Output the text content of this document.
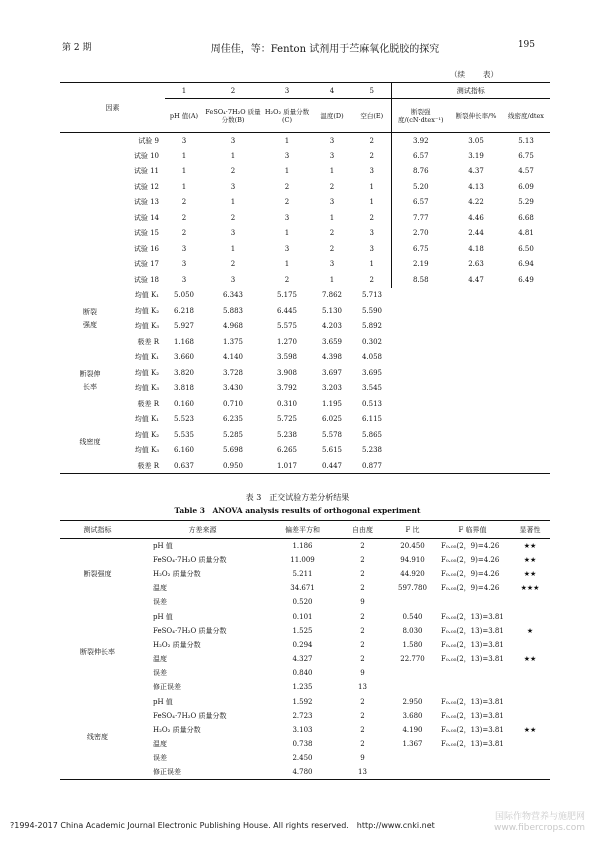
第 2 期	周佳佳，等：Fenton 试剂用于苎麻氧化脱胶的探究	195
（续 表）
因素		1	2	3	4	5	测试指标		
		pH 值(A)	FeSO₄·7H₂O 质量分数(B)	H₂O₂ 质量分数(C)	温度(D)	空白(E)	断裂强度/(cN·dtex⁻¹)	断裂伸长率/%	线密度/dtex
	试验 9	3	3	1	3	2	3.92	3.05	5.13
	试验 10	1	1	3	3	2	6.57	3.19	6.75
	试验 11	1	2	1	1	3	8.76	4.37	4.57
	试验 12	1	3	2	2	1	5.20	4.13	6.09
	试验 13	2	1	2	3	1	6.57	4.22	5.29
	试验 14	2	2	3	1	2	7.77	4.46	6.68
	试验 15	2	3	1	2	3	2.70	2.44	4.81
	试验 16	3	1	3	2	3	6.75	4.18	6.50
	试验 17	3	2	1	3	1	2.19	2.63	6.94
	试验 18	3	3	2	1	2	8.58	4.47	6.49

断裂
强度	均值 K₁	5.050	6.343	5.175	7.862	5.713			
	均值 K₂	6.218	5.883	6.445	5.130	5.590			
	均值 K₃	5.927	4.968	5.575	4.203	5.892			
	极差 R	1.168	1.375	1.270	3.659	0.302			

断裂伸
长率	均值 K₁	3.660	4.140	3.598	4.398	4.058			
	均值 K₂	3.820	3.728	3.908	3.697	3.695			
	均值 K₃	3.818	3.430	3.792	3.203	3.545			
	极差 R	0.160	0.710	0.310	1.195	0.513			

线密度	均值 K₁	5.523	6.235	5.725	6.025	6.115			
	均值 K₂	5.535	5.285	5.238	5.578	5.865			
	均值 K₃	6.160	5.698	6.265	5.615	5.238			
	极差 R	0.637	0.950	1.017	0.447	0.877			
表 3　正交试验方差分析结果
Table 3　ANOVA analysis results of orthogonal experiment
测试指标	方差来源	偏差平方和	自由度	F 比	F 临界值	显著性
断裂强度	pH 值	1.186	2	20.450	F₀.₀₅(2，9)=4.26	★★
	FeSO₄·7H₂O 质量分数	11.009	2	94.910	F₀.₀₅(2，9)=4.26	★★
	H₂O₂ 质量分数	5.211	2	44.920	F₀.₀₅(2，9)=4.26	★★
	温度	34.671	2	597.780	F₀.₀₅(2，9)=4.26	★★★
	误差	0.520	9			
断裂伸长率	pH 值	0.101	2	0.540	F₀.₀₅(2，13)=3.81	
	FeSO₄·7H₂O 质量分数	1.525	2	8.030	F₀.₀₅(2，13)=3.81	★
	H₂O₂ 质量分数	0.294	2	1.580	F₀.₀₅(2，13)=3.81	
	温度	4.327	2	22.770	F₀.₀₅(2，13)=3.81	★★
	误差	0.840	9			
	修正误差	1.235	13			
线密度	pH 值	1.592	2	2.950	F₀.₀₅(2，13)=3.81	
	FeSO₄·7H₂O 质量分数	2.723	2	3.680	F₀.₀₅(2，13)=3.81	
	H₂O₂ 质量分数	3.103	2	4.190	F₀.₀₅(2，13)=3.81	★★
	温度	0.738	2	1.367	F₀.₀₅(2，13)=3.81	
	误差	2.450	9			
	修正误差	4.780	13			
?1994-2017 China Academic Journal Electronic Publishing House. All rights reserved.　http://www.cnki.net
国际作物营养与施肥网
www.fibercrops.com
